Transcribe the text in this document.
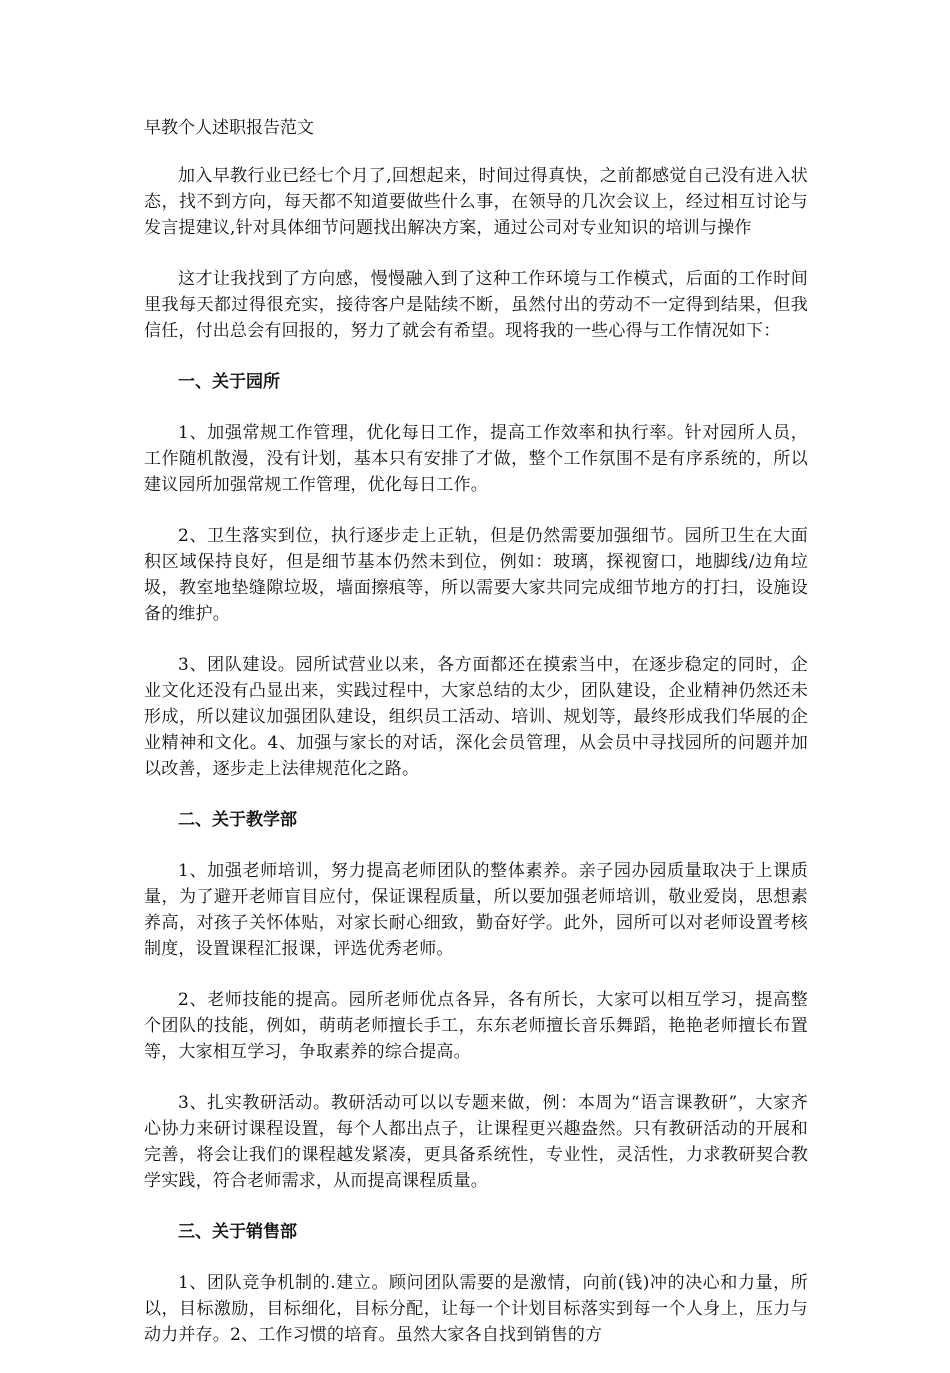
早教个人述职报告范文

加入早教行业已经七个月了,回想起来，时间过得真快，之前都感觉自己没有进入状态，找不到方向，每天都不知道要做些什么事，在领导的几次会议上，经过相互讨论与发言提建议,针对具体细节问题找出解决方案，通过公司对专业知识的培训与操作

这才让我找到了方向感，慢慢融入到了这种工作环境与工作模式，后面的工作时间里我每天都过得很充实，接待客户是陆续不断，虽然付出的劳动不一定得到结果，但我信任，付出总会有回报的，努力了就会有希望。现将我的一些心得与工作情况如下：

一、关于园所

1、加强常规工作管理，优化每日工作，提高工作效率和执行率。针对园所人员，工作随机散漫，没有计划，基本只有安排了才做，整个工作氛围不是有序系统的，所以建议园所加强常规工作管理，优化每日工作。

2、卫生落实到位，执行逐步走上正轨，但是仍然需要加强细节。园所卫生在大面积区域保持良好，但是细节基本仍然未到位，例如：玻璃，探视窗口，地脚线/边角垃圾，教室地垫缝隙垃圾，墙面擦痕等，所以需要大家共同完成细节地方的打扫，设施设备的维护。

3、团队建设。园所试营业以来，各方面都还在摸索当中，在逐步稳定的同时，企业文化还没有凸显出来，实践过程中，大家总结的太少，团队建设，企业精神仍然还未形成，所以建议加强团队建设，组织员工活动、培训、规划等，最终形成我们华展的企业精神和文化。4、加强与家长的对话，深化会员管理，从会员中寻找园所的问题并加以改善，逐步走上法律规范化之路。

二、关于教学部

1、加强老师培训，努力提高老师团队的整体素养。亲子园办园质量取决于上课质量，为了避开老师盲目应付，保证课程质量，所以要加强老师培训，敬业爱岗，思想素养高，对孩子关怀体贴，对家长耐心细致，勤奋好学。此外，园所可以对老师设置考核制度，设置课程汇报课，评选优秀老师。

2、老师技能的提高。园所老师优点各异，各有所长，大家可以相互学习，提高整个团队的技能，例如，萌萌老师擅长手工，东东老师擅长音乐舞蹈，艳艳老师擅长布置等，大家相互学习，争取素养的综合提高。

3、扎实教研活动。教研活动可以以专题来做，例：本周为“语言课教研”，大家齐心协力来研讨课程设置，每个人都出点子，让课程更兴趣盎然。只有教研活动的开展和完善，将会让我们的课程越发紧凑，更具备系统性，专业性，灵活性，力求教研契合教学实践，符合老师需求，从而提高课程质量。

三、关于销售部

1、团队竞争机制的.建立。顾问团队需要的是激情，向前(钱)冲的决心和力量，所以，目标激励，目标细化，目标分配，让每一个计划目标落实到每一个人身上，压力与动力并存。2、工作习惯的培育。虽然大家各自找到销售的方
